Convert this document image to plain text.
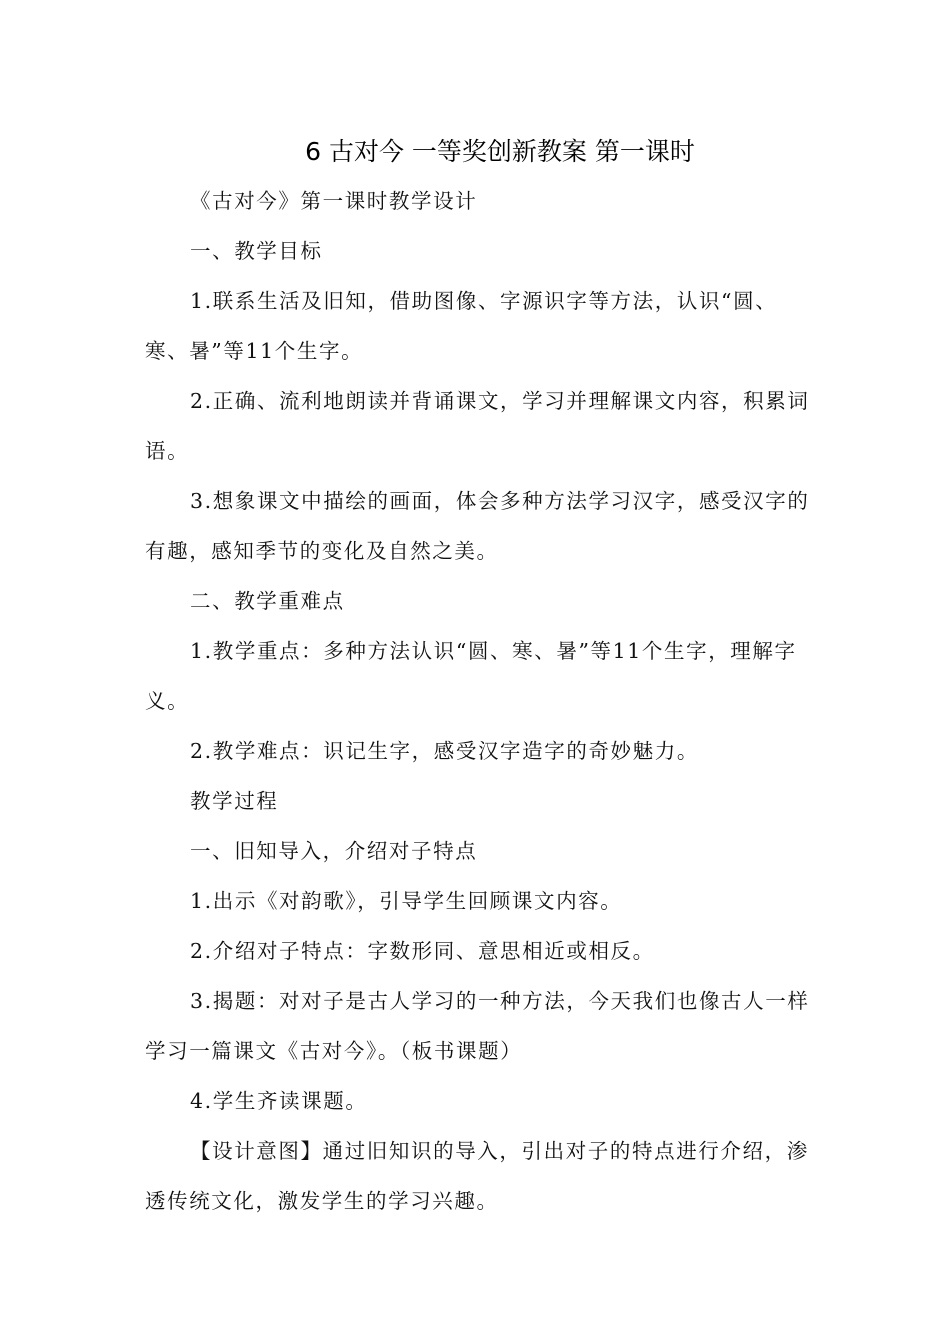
6 古对今 一等奖创新教案 第一课时

《古对今》第一课时教学设计

一、教学目标

1.联系生活及旧知，借助图像、字源识字等方法，认识“圆、寒、暑”等11个生字。

2.正确、流利地朗读并背诵课文，学习并理解课文内容，积累词语。

3.想象课文中描绘的画面，体会多种方法学习汉字，感受汉字的有趣，感知季节的变化及自然之美。

二、教学重难点

1.教学重点：多种方法认识“圆、寒、暑”等11个生字，理解字义。

2.教学难点：识记生字，感受汉字造字的奇妙魅力。

教学过程

一、旧知导入，介绍对子特点

1.出示《对韵歌》，引导学生回顾课文内容。

2.介绍对子特点：字数形同、意思相近或相反。

3.揭题：对对子是古人学习的一种方法，今天我们也像古人一样学习一篇课文《古对今》。（板书课题）

4.学生齐读课题。

【设计意图】通过旧知识的导入，引出对子的特点进行介绍，渗透传统文化，激发学生的学习兴趣。
